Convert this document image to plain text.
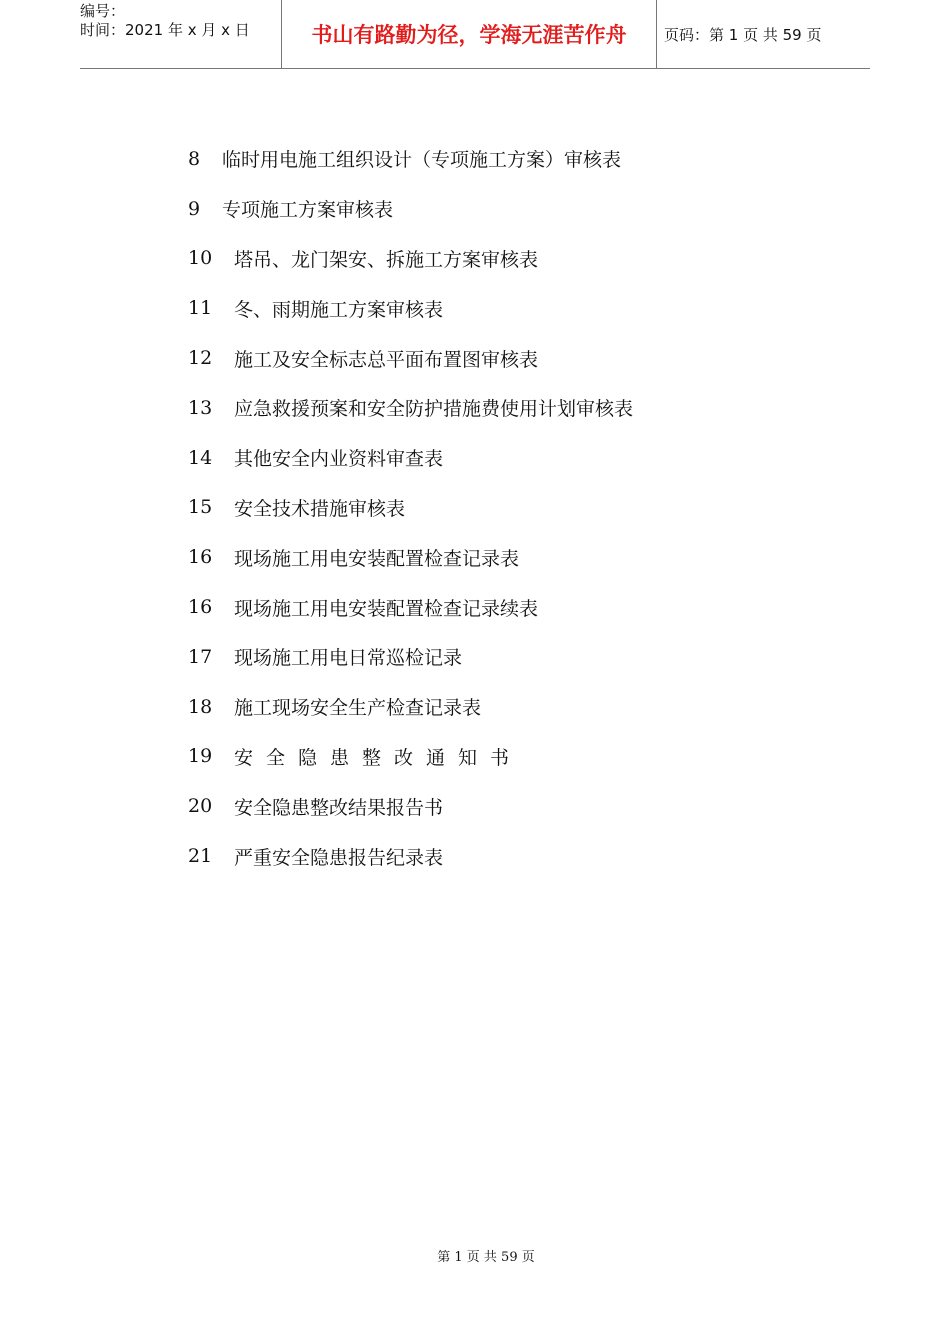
编号：
时间：2021 年 x 月 x 日	书山有路勤为径，学海无涯苦作舟	页码：第 1 页 共 59 页
8	临时用电施工组织设计（专项施工方案）审核表
9	专项施工方案审核表
10	塔吊、龙门架安、拆施工方案审核表
11	冬、雨期施工方案审核表
12	施工及安全标志总平面布置图审核表
13	应急救援预案和安全防护措施费使用计划审核表
14	其他安全内业资料审查表
15	安全技术措施审核表
16	现场施工用电安装配置检查记录表
16	现场施工用电安装配置检查记录续表
17	现场施工用电日常巡检记录
18	施工现场安全生产检查记录表
19	安全隐患整改通知书
20	安全隐患整改结果报告书
21	严重安全隐患报告纪录表
第 1 页 共 59 页
